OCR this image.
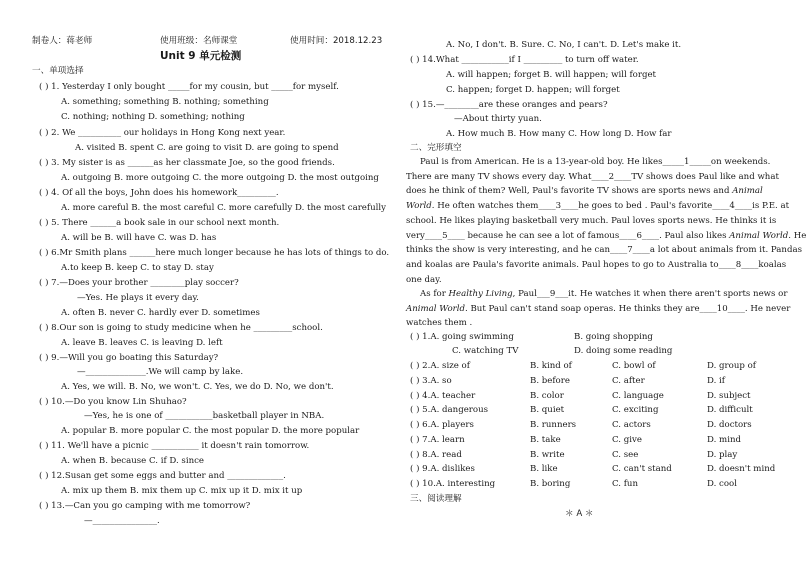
制卷人：蒋老师	使用班级：名师课堂	使用时间：2018.12.23
Unit 9 单元检测
一、单项选择
( ) 1. Yesterday I only bought _____for my cousin, but _____for myself.
A. something; something B. nothing; something
C. nothing; nothing D. something; nothing
( ) 2. We __________ our holidays in Hong Kong next year.
A. visited B. spent C. are going to visit D. are going to spend
( ) 3. My sister is as ______as her classmate Joe, so the good friends.
A. outgoing B. more outgoing C. the more outgoing D. the most outgoing
( ) 4. Of all the boys, John does his homework_________.
A. more careful B. the most careful C. more carefully D. the most carefully
( ) 5. There ______a book sale in our school next month.
A. will be B. will have C. was D. has
( ) 6.Mr Smith plans ______here much longer because he has lots of things to do.
A.to keep B. keep C. to stay D. stay
( ) 7.—Does your brother ________play soccer?
—Yes. He plays it every day.
A. often B. never C. hardly ever D. sometimes
( ) 8.Our son is going to study medicine when he _________school.
A. leave B. leaves C. is leaving D. left
( ) 9.—Will you go boating this Saturday?
—______________.We will camp by lake.
A. Yes, we will. B. No, we won't. C. Yes, we do D. No, we don't.
( ) 10.—Do you know Lin Shuhao?
—Yes, he is one of ___________basketball player in NBA.
A. popular B. more popular C. the most popular D. the more popular
( ) 11. We'll have a picnic ___________ it doesn't rain tomorrow.
A. when B. because C. if D. since
( ) 12.Susan get some eggs and butter and _____________.
A. mix up them B. mix them up C. mix up it D. mix it up
( ) 13.—Can you go camping with me tomorrow?
—_______________.
A. No, I don't. B. Sure. C. No, I can't. D. Let's make it.
( ) 14.What ___________if I _________ to turn off water.
A. will happen; forget B. will happen; will forget
C. happen; forget D. happen; will forget
( ) 15.—________are these oranges and pears?
—About thirty yuan.
A. How much B. How many C. How long D. How far
二、完形填空
Paul is from American. He is a 13-year-old boy. He likes_____1_____on weekends.
There are many TV shows every day. What____2____TV shows does Paul like and what
does he think of them? Well, Paul's favorite TV shows are sports news and Animal
World. He often watches them____3____he goes to bed . Paul's favorite____4____is P.E. at
school. He likes playing basketball very much. Paul loves sports news. He thinks it is
very____5____ because he can see a lot of famous____6____. Paul also likes Animal World. He
thinks the show is very interesting, and he can____7____a lot about animals from it. Pandas
and koalas are Paula's favorite animals. Paul hopes to go to Australia to____8____koalas
one day.
As for Healthy Living, Paul___9___it. He watches it when there aren't sports news or
Animal World. But Paul can't stand soap operas. He thinks they are____10____. He never
watches them .
( ) 1.A. going swimming	B. going shopping
C. watching TV	D. doing some reading
( ) 2.A. size of	B. kind of	C. bowl of	D. group of
( ) 3.A. so	B. before	C. after	D. if
( ) 4.A. teacher	B. color	C. language	D. subject
( ) 5.A. dangerous	B. quiet	C. exciting	D. difficult
( ) 6.A. players	B. runners	C. actors	D. doctors
( ) 7.A. learn	B. take	C. give	D. mind
( ) 8.A. read	B. write	C. see	D. play
( ) 9.A. dislikes	B. like	C. can't stand	D. doesn't mind
( ) 10.A. interesting	B. boring	C. fun	D. cool
三、阅读理解
＊ A ＊
